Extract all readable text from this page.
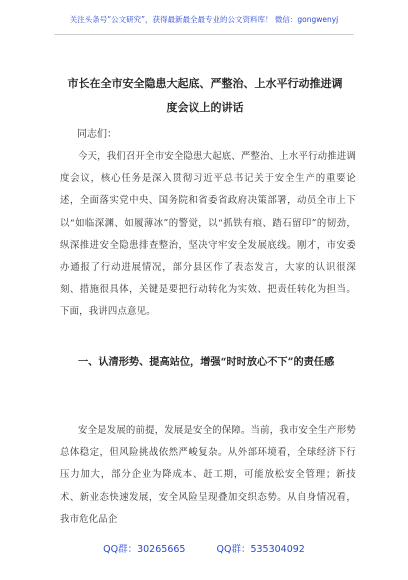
关注头条号“公文研究”，获得最新最全最专业的公文资料库！ 微信：gongwenyj
市长在全市安全隐患大起底、严整治、上水平行动推进调
度会议上的讲话
同志们：
今天，我们召开全市安全隐患大起底、严整治、上水平行动推进调度会议，核心任务是深入贯彻习近平总书记关于安全生产的重要论述，全面落实党中央、国务院和省委省政府决策部署，动员全市上下以“如临深渊、如履薄冰”的警觉，以“抓铁有痕、踏石留印”的韧劲，纵深推进安全隐患排查整治，坚决守牢安全发展底线。刚才，市安委办通报了行动进展情况，部分县区作了表态发言，大家的认识很深刻、措施很具体，关键是要把行动转化为实效、把责任转化为担当。下面，我讲四点意见。
一、认清形势、提高站位，增强“时时放心不下”的责任感
安全是发展的前提，发展是安全的保障。当前，我市安全生产形势总体稳定，但风险挑战依然严峻复杂。从外部环境看，全球经济下行压力加大，部分企业为降成本、赶工期，可能放松安全管理；新技术、新业态快速发展，安全风险呈现叠加交织态势。从自身情况看，我市危化品企
QQ群：30265665	QQ群：535304092
